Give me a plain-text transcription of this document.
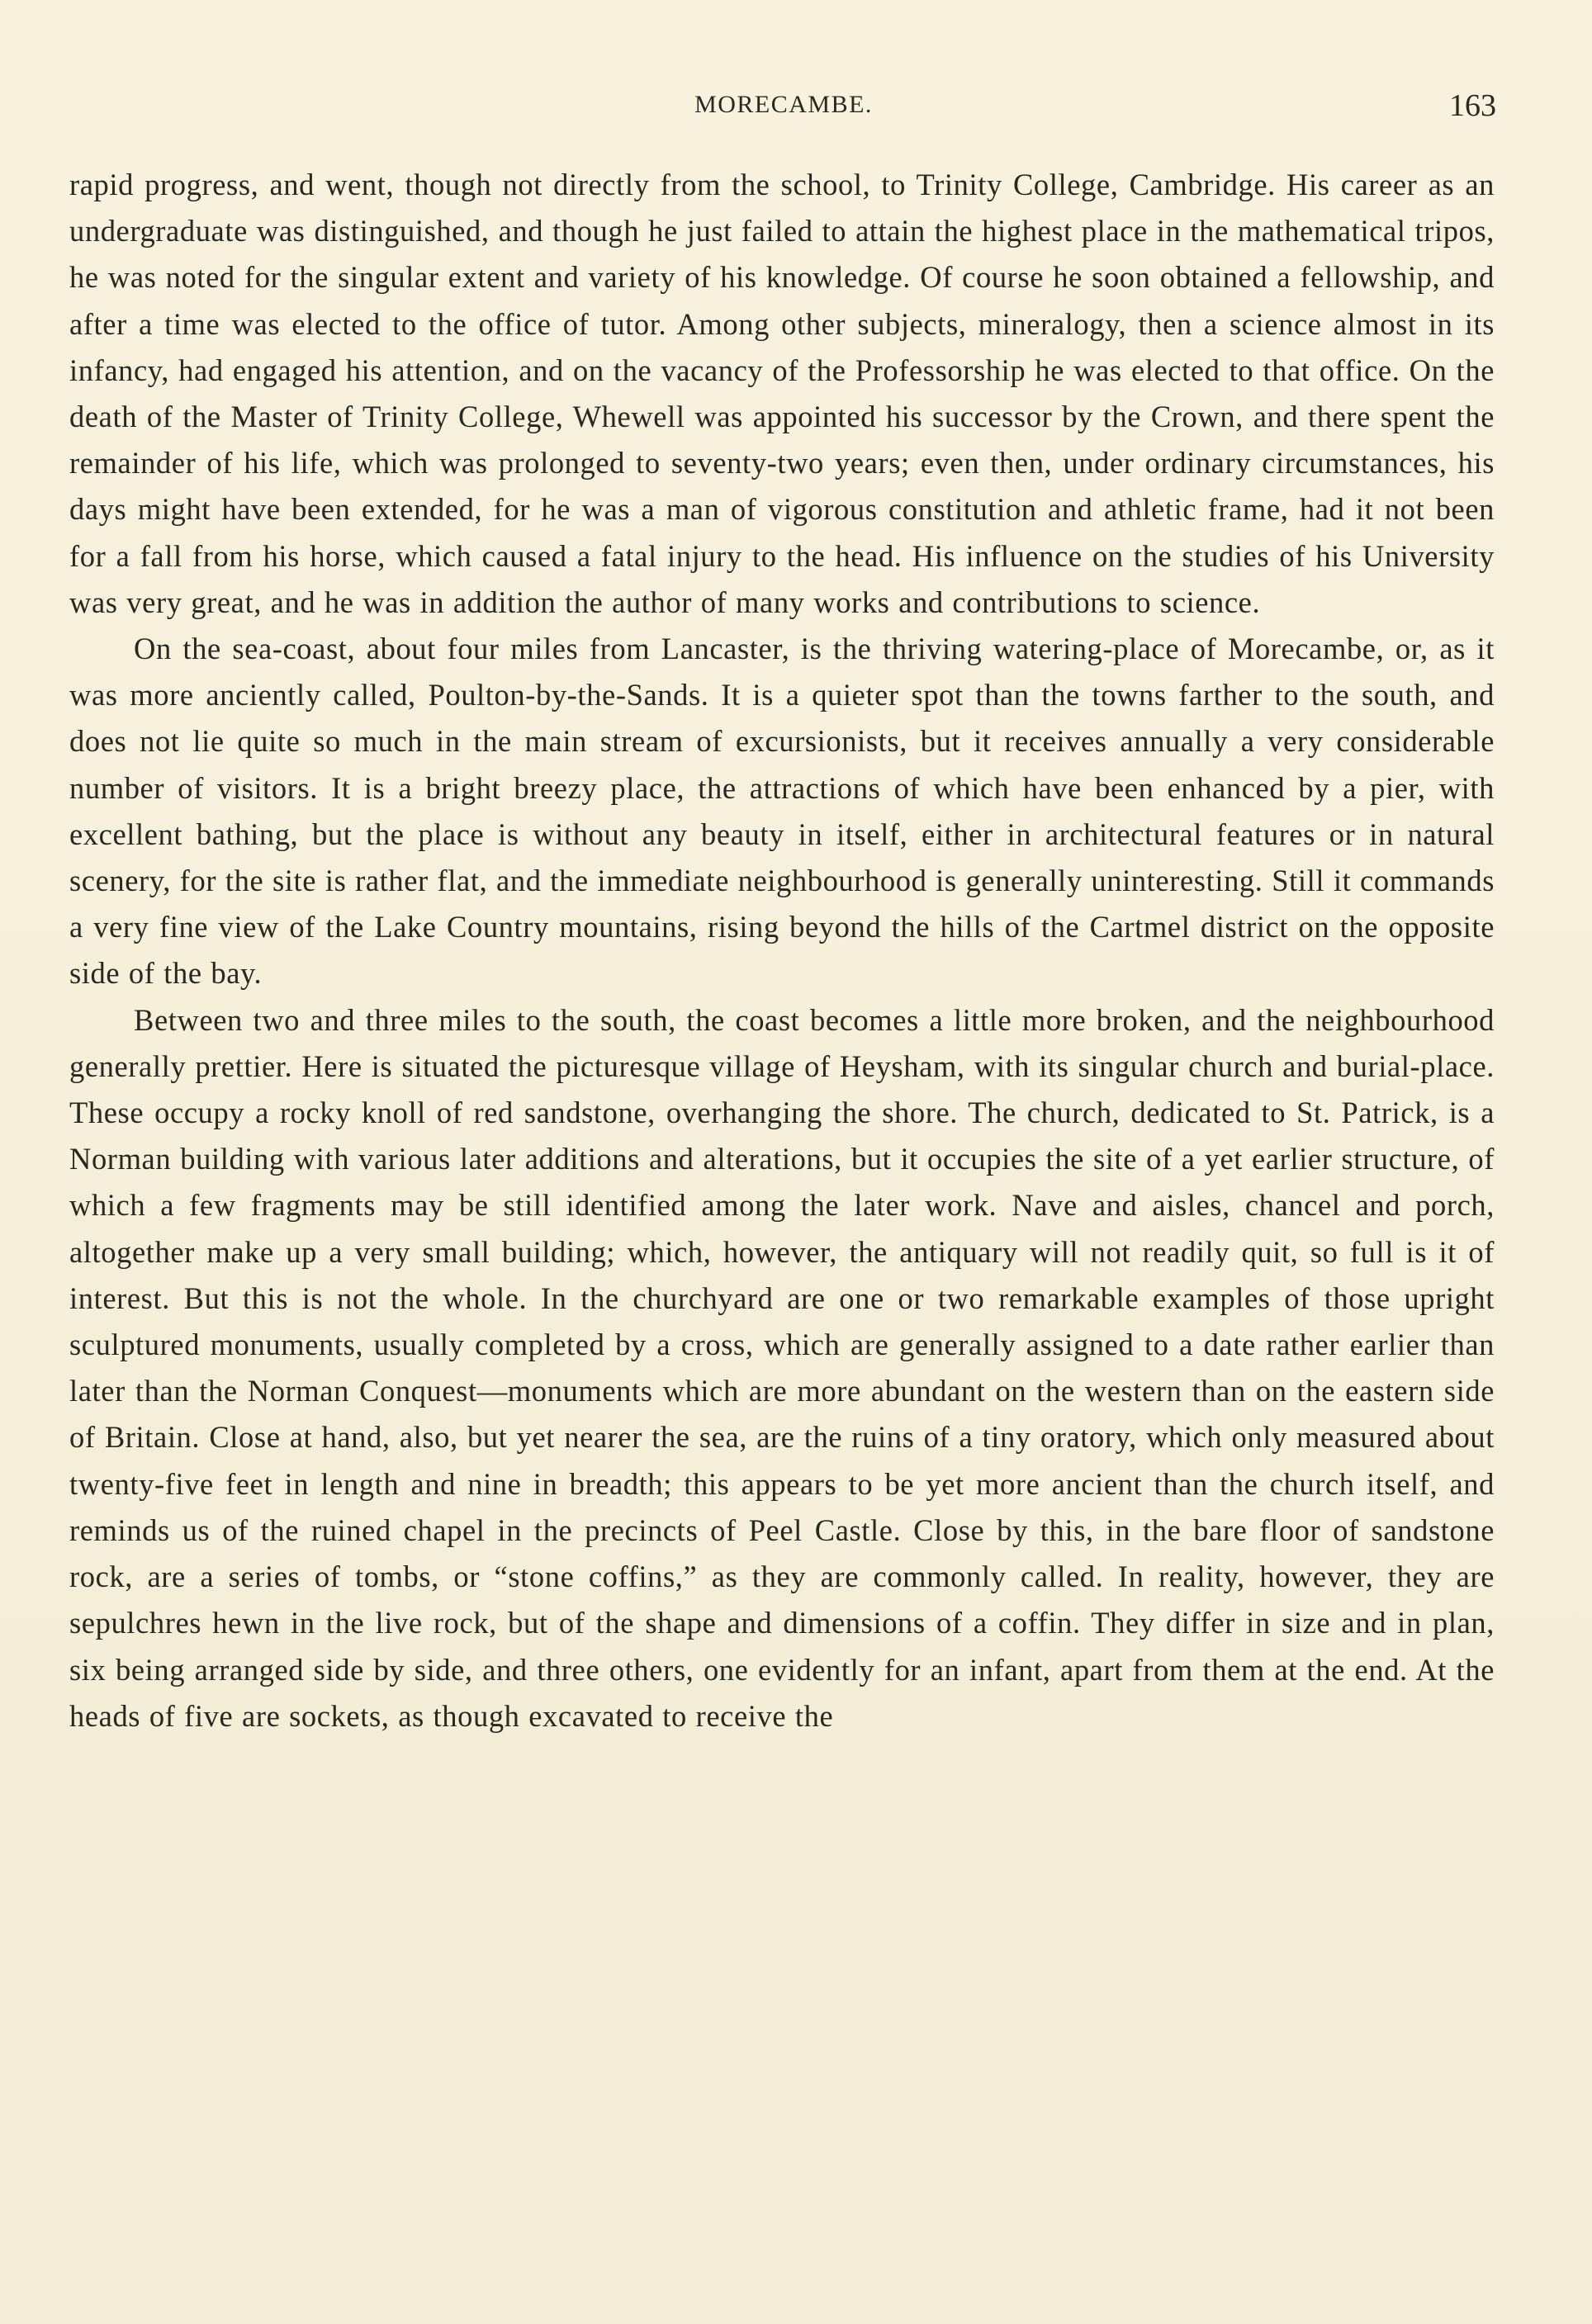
MORECAMBE.	163

rapid progress, and went, though not directly from the school, to Trinity College, Cambridge. His career as an undergraduate was distinguished, and though he just failed to attain the highest place in the mathematical tripos, he was noted for the singular extent and variety of his knowledge. Of course he soon obtained a fellowship, and after a time was elected to the office of tutor. Among other subjects, mineralogy, then a science almost in its infancy, had engaged his attention, and on the vacancy of the Professorship he was elected to that office. On the death of the Master of Trinity College, Whewell was appointed his successor by the Crown, and there spent the remainder of his life, which was prolonged to seventy-two years; even then, under ordinary circumstances, his days might have been extended, for he was a man of vigorous constitution and athletic frame, had it not been for a fall from his horse, which caused a fatal injury to the head. His influence on the studies of his University was very great, and he was in addition the author of many works and contributions to science.

On the sea-coast, about four miles from Lancaster, is the thriving watering-place of Morecambe, or, as it was more anciently called, Poulton-by-the-Sands. It is a quieter spot than the towns farther to the south, and does not lie quite so much in the main stream of excursionists, but it receives annually a very considerable number of visitors. It is a bright breezy place, the attractions of which have been enhanced by a pier, with excellent bathing, but the place is without any beauty in itself, either in architectural features or in natural scenery, for the site is rather flat, and the immediate neighbourhood is generally uninteresting. Still it commands a very fine view of the Lake Country mountains, rising beyond the hills of the Cartmel district on the opposite side of the bay.

Between two and three miles to the south, the coast becomes a little more broken, and the neighbourhood generally prettier. Here is situated the picturesque village of Heysham, with its singular church and burial-place. These occupy a rocky knoll of red sandstone, overhanging the shore. The church, dedicated to St. Patrick, is a Norman building with various later additions and alterations, but it occupies the site of a yet earlier structure, of which a few fragments may be still identified among the later work. Nave and aisles, chancel and porch, altogether make up a very small building; which, however, the antiquary will not readily quit, so full is it of interest. But this is not the whole. In the churchyard are one or two remarkable examples of those upright sculptured monuments, usually completed by a cross, which are generally assigned to a date rather earlier than later than the Norman Conquest—monuments which are more abundant on the western than on the eastern side of Britain. Close at hand, also, but yet nearer the sea, are the ruins of a tiny oratory, which only measured about twenty-five feet in length and nine in breadth; this appears to be yet more ancient than the church itself, and reminds us of the ruined chapel in the precincts of Peel Castle. Close by this, in the bare floor of sandstone rock, are a series of tombs, or “stone coffins,” as they are commonly called. In reality, however, they are sepulchres hewn in the live rock, but of the shape and dimensions of a coffin. They differ in size and in plan, six being arranged side by side, and three others, one evidently for an infant, apart from them at the end. At the heads of five are sockets, as though excavated to receive the
